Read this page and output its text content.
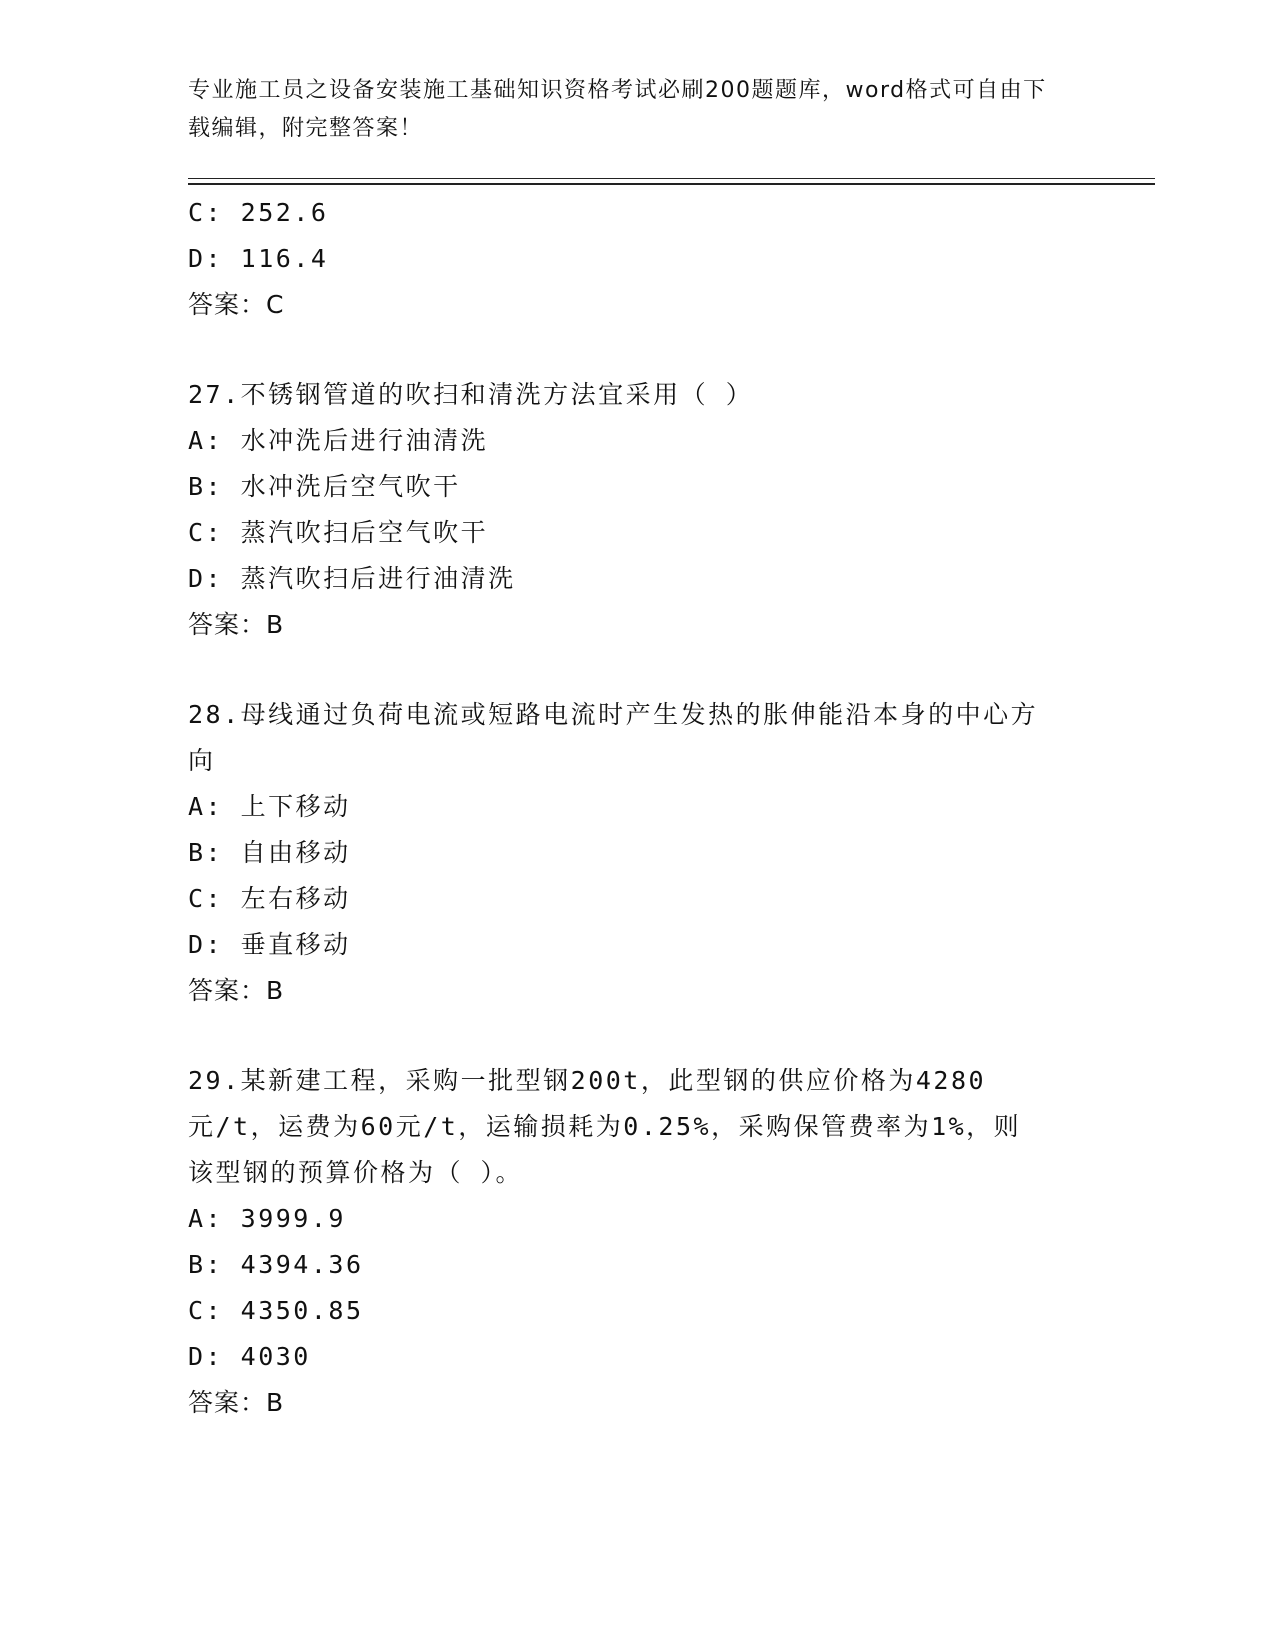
专业施工员之设备安装施工基础知识资格考试必刷200题题库，word格式可自由下载编辑，附完整答案！
C: 252.6
D: 116.4
答案：C
27.不锈钢管道的吹扫和清洗方法宜采用（ ）
A: 水冲洗后进行油清洗
B: 水冲洗后空气吹干
C: 蒸汽吹扫后空气吹干
D: 蒸汽吹扫后进行油清洗
答案：B
28.母线通过负荷电流或短路电流时产生发热的胀伸能沿本身的中心方向
A: 上下移动
B: 自由移动
C: 左右移动
D: 垂直移动
答案：B
29.某新建工程，采购一批型钢200t，此型钢的供应价格为4280元/t，运费为60元/t，运输损耗为0.25%，采购保管费率为1%，则该型钢的预算价格为（ ）。
A: 3999.9
B: 4394.36
C: 4350.85
D: 4030
答案：B
